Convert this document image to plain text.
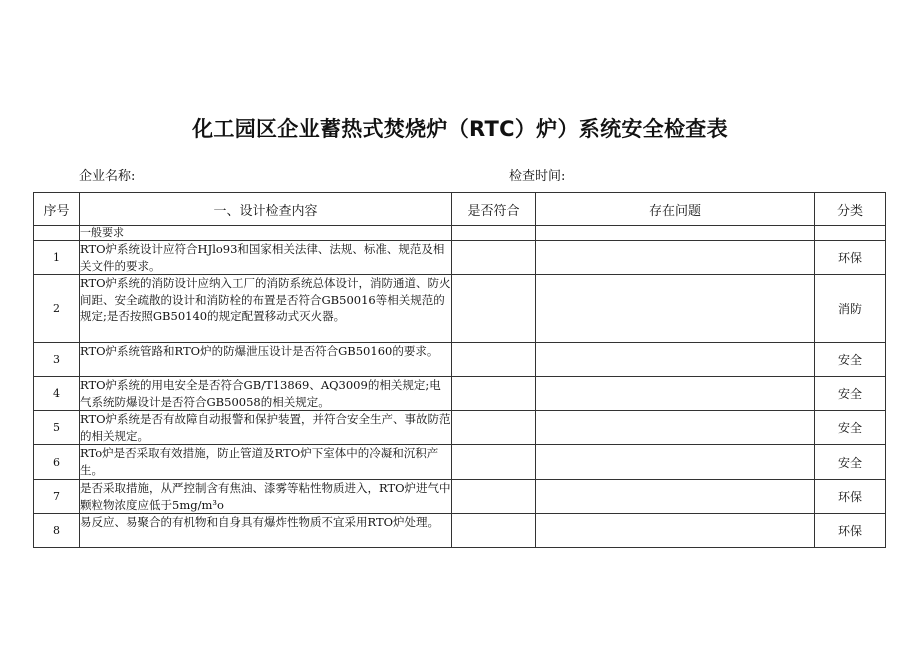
化工园区企业蓄热式焚烧炉（RTC）炉）系统安全检查表
企业名称:	检查时间:
序号	一、设计检查内容	是否符合	存在问题	分类
	一般要求			
1	RTO炉系统设计应符合HJlo93和国家相关法律、法规、标准、规范及相关文件的要求。			环保
2	RTO炉系统的消防设计应纳入工厂的消防系统总体设计，消防通道、防火间距、安全疏散的设计和消防栓的布置是否符合GB50016等相关规范的规定;是否按照GB50140的规定配置移动式灭火器。			消防
3	RTO炉系统管路和RTO炉的防爆泄压设计是否符合GB50160的要求。			安全
4	RTO炉系统的用电安全是否符合GB/T13869、AQ3009的相关规定;电气系统防爆设计是否符合GB50058的相关规定。			安全
5	RTO炉系统是否有故障自动报警和保护装置，并符合安全生产、事故防范的相关规定。			安全
6	RTo炉是否采取有效措施，防止管道及RTO炉下室体中的冷凝和沉积产生。			安全
7	是否采取措施，从严控制含有焦油、漆雾等粘性物质进入，RTO炉进气中颗粒物浓度应低于5mg/m³o			环保
8	易反应、易聚合的有机物和自身具有爆炸性物质不宜采用RTO炉处理。			环保
